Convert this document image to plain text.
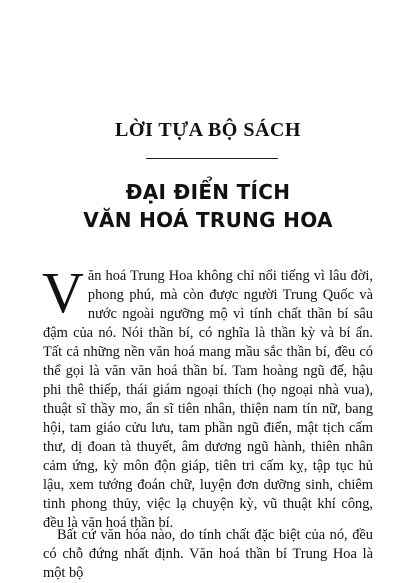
LỜI TỰA BỘ SÁCH
ĐẠI ĐIỂN TÍCH
VĂN HOÁ TRUNG HOA
Văn hoá Trung Hoa không chỉ nổi tiếng vì lâu đời, phong phú, mà còn được người Trung Quốc và nước ngoài ngưỡng mộ vì tính chất thần bí sâu đậm của nó. Nói thần bí, có nghĩa là thần kỳ và bí ẩn. Tất cả những nền văn hoá mang mầu sắc thần bí, đều có thể gọi là văn văn hoá thần bí. Tam hoàng ngũ đế, hậu phi thê thiếp, thái giám ngoại thích (họ ngoại nhà vua), thuật sĩ thầy mo, ẩn sĩ tiên nhân, thiện nam tín nữ, bang hội, tam giáo cửu lưu, tam phần ngũ điển, mật tịch cấm thư, dị đoan tà thuyết, âm dương ngũ hành, thiên nhân cảm ứng, kỳ môn độn giáp, tiên tri cấm kỵ, tập tục hủ lậu, xem tướng đoán chữ, luyện đơn dưỡng sinh, chiêm tinh phong thủy, việc lạ chuyện kỳ, vũ thuật khí công, đều là văn hoá thần bí.
Bất cứ văn hóa nào, do tính chất đặc biệt của nó, đều có chỗ đứng nhất định. Văn hoá thần bí Trung Hoa là một bộ
